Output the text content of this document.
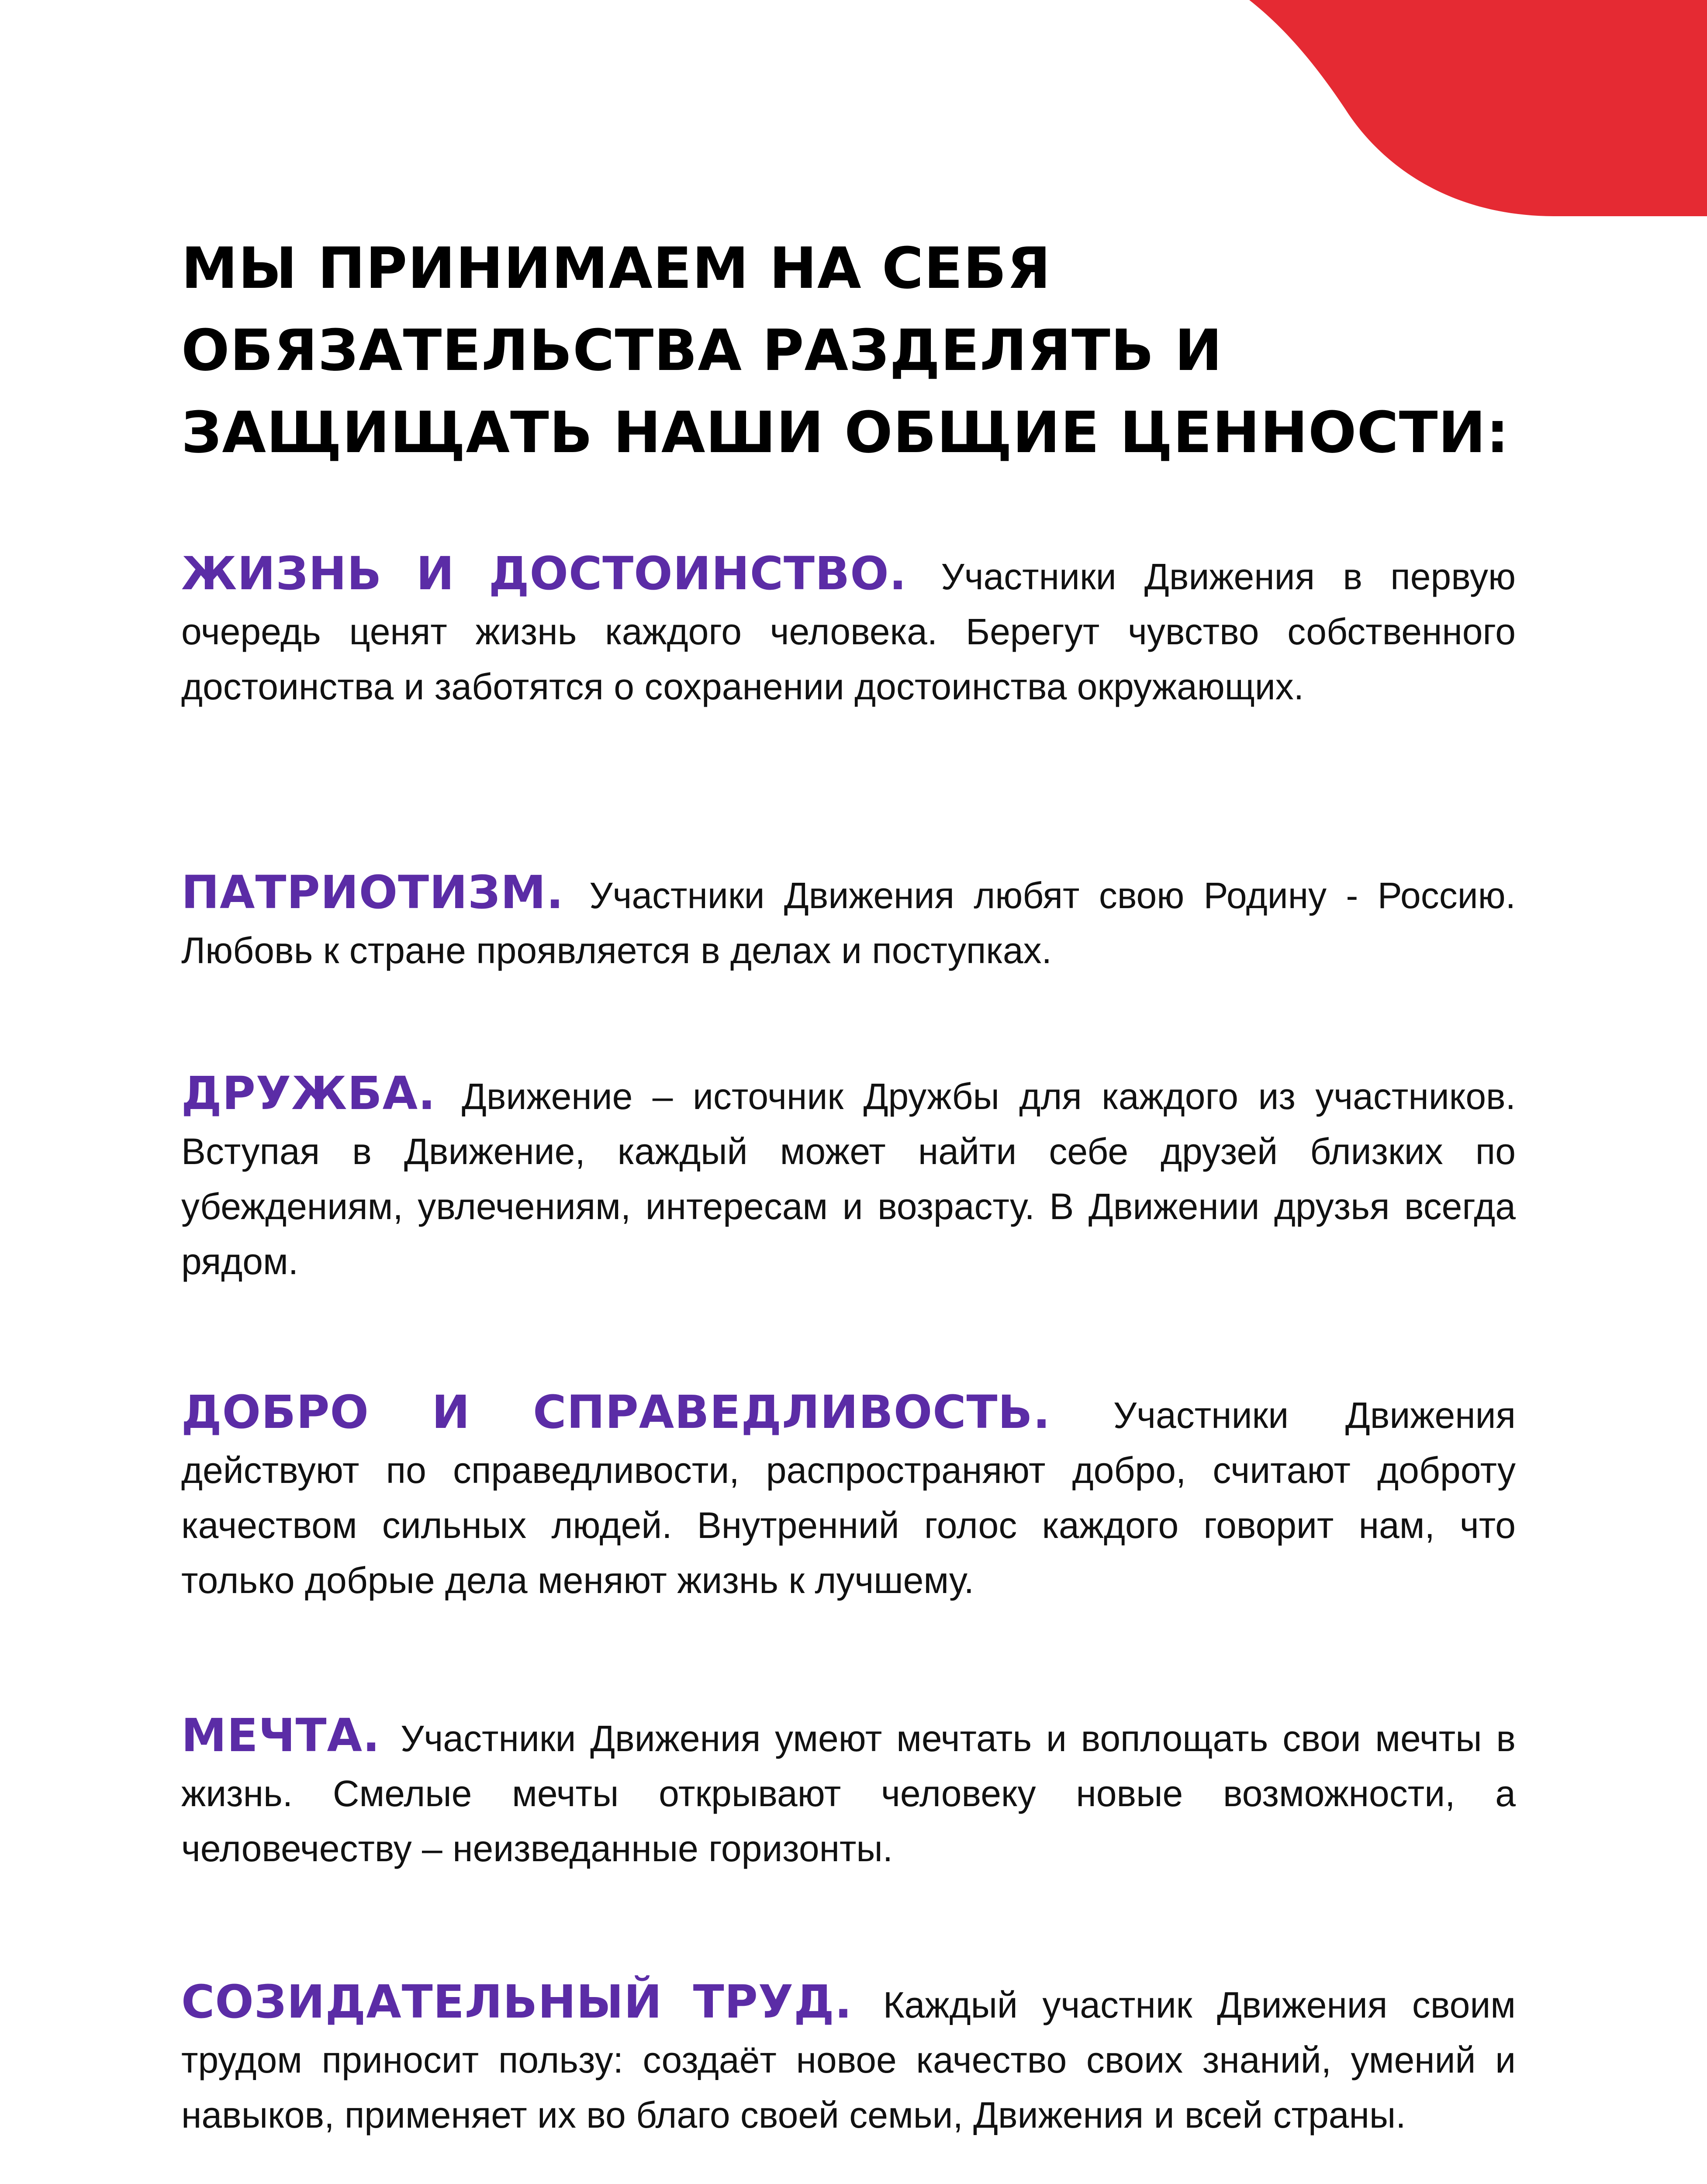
МЫ ПРИНИМАЕМ НА СЕБЯ ОБЯЗАТЕЛЬСТВА РАЗДЕЛЯТЬ И ЗАЩИЩАТЬ НАШИ ОБЩИЕ ЦЕННОСТИ:

ЖИЗНЬ И ДОСТОИНСТВО. Участники Движения в первую очередь ценят жизнь каждого человека. Берегут чувство собственного достоинства и заботятся о сохранении достоинства окружающих.

ПАТРИОТИЗМ. Участники Движения любят свою Родину - Россию. Любовь к стране проявляется в делах и поступках.

ДРУЖБА. Движение – источник Дружбы для каждого из участников. Вступая в Движение, каждый может найти себе друзей близких по убеждениям, увлечениям, интересам и возрасту. В Движении друзья всегда рядом.

ДОБРО И СПРАВЕДЛИВОСТЬ. Участники Движения действуют по справедливости, распространяют добро, считают доброту качеством сильных людей. Внутренний голос каждого говорит нам, что только добрые дела меняют жизнь к лучшему.

МЕЧТА. Участники Движения умеют мечтать и воплощать свои мечты в жизнь. Смелые мечты открывают человеку новые возможности, а человечеству – неизведанные горизонты.

СОЗИДАТЕЛЬНЫЙ ТРУД. Каждый участник Движения своим трудом приносит пользу: создаёт новое качество своих знаний, умений и навыков, применяет их во благо своей семьи, Движения и всей страны.
